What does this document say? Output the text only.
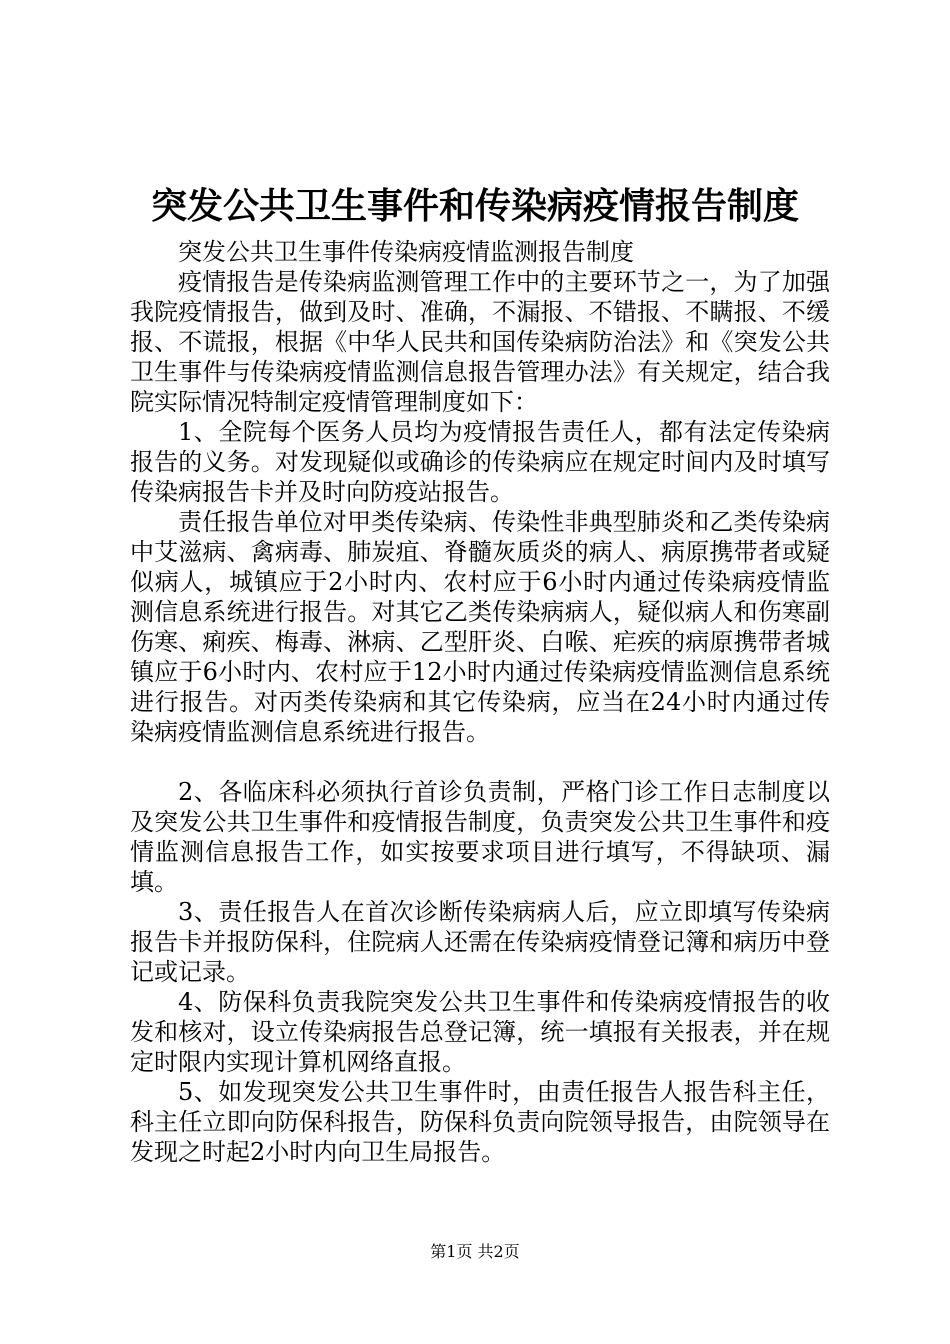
突发公共卫生事件和传染病疫情报告制度

突发公共卫生事件传染病疫情监测报告制度

疫情报告是传染病监测管理工作中的主要环节之一，为了加强我院疫情报告，做到及时、准确，不漏报、不错报、不瞒报、不缓报、不谎报，根据《中华人民共和国传染病防治法》和《突发公共卫生事件与传染病疫情监测信息报告管理办法》有关规定，结合我院实际情况特制定疫情管理制度如下：

1、全院每个医务人员均为疫情报告责任人，都有法定传染病报告的义务。对发现疑似或确诊的传染病应在规定时间内及时填写传染病报告卡并及时向防疫站报告。

责任报告单位对甲类传染病、传染性非典型肺炎和乙类传染病中艾滋病、禽病毒、肺炭疽、脊髓灰质炎的病人、病原携带者或疑似病人，城镇应于2小时内、农村应于6小时内通过传染病疫情监测信息系统进行报告。对其它乙类传染病病人，疑似病人和伤寒副伤寒、痢疾、梅毒、淋病、乙型肝炎、白喉、疟疾的病原携带者城镇应于6小时内、农村应于12小时内通过传染病疫情监测信息系统进行报告。对丙类传染病和其它传染病，应当在24小时内通过传染病疫情监测信息系统进行报告。

2、各临床科必须执行首诊负责制，严格门诊工作日志制度以及突发公共卫生事件和疫情报告制度，负责突发公共卫生事件和疫情监测信息报告工作，如实按要求项目进行填写，不得缺项、漏填。

3、责任报告人在首次诊断传染病病人后，应立即填写传染病报告卡并报防保科，住院病人还需在传染病疫情登记簿和病历中登记或记录。

4、防保科负责我院突发公共卫生事件和传染病疫情报告的收发和核对，设立传染病报告总登记簿，统一填报有关报表，并在规定时限内实现计算机网络直报。

5、如发现突发公共卫生事件时，由责任报告人报告科主任，科主任立即向防保科报告，防保科负责向院领导报告，由院领导在发现之时起2小时内向卫生局报告。

第1页 共2页
